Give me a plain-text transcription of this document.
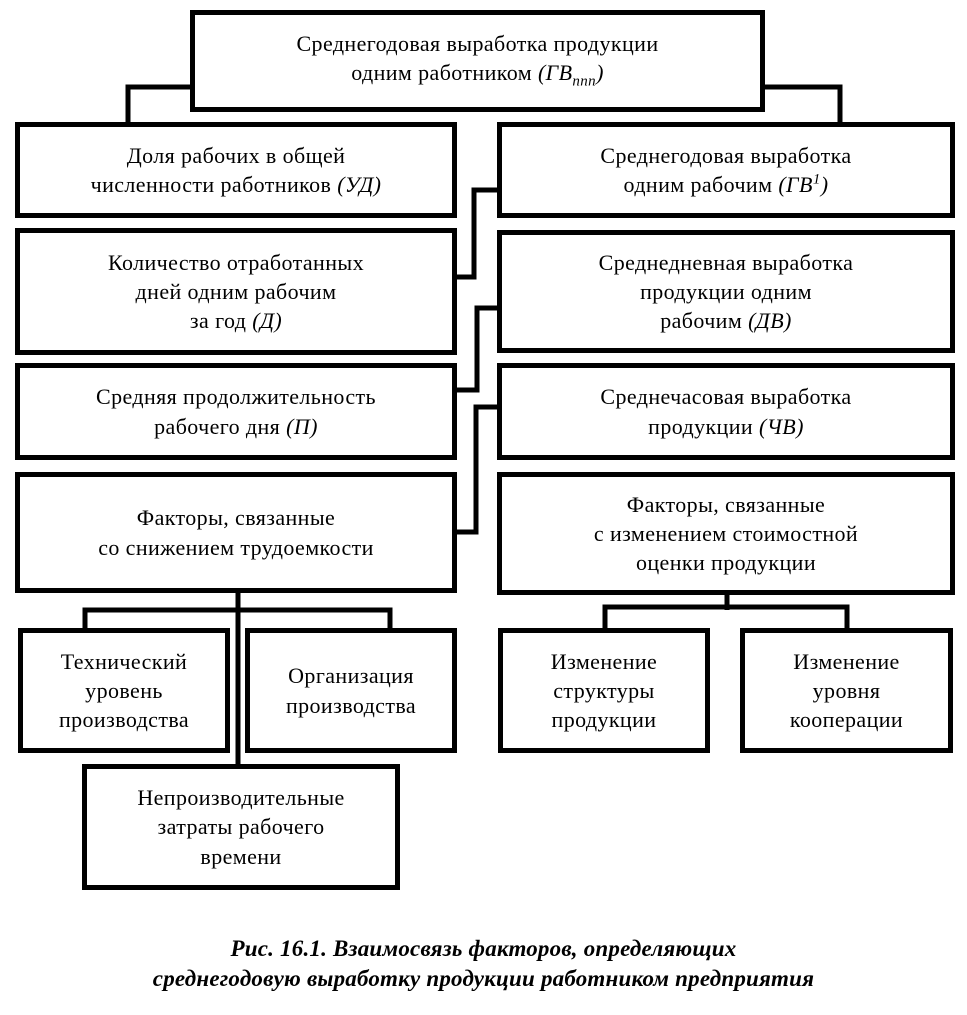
Среднегодовая выработка продукции
одним работником $(ГВ_{ппп})$
Доля рабочих в общей
численности работников (УД)
Количество отработанных
дней одним рабочим
за год (Д)
Средняя продолжительность
рабочего дня (П)
Факторы, связанные
со снижением трудоемкости
Среднегодовая выработка
одним рабочим $(ГВ^1)$
Среднедневная выработка
продукции одним
рабочим (ДВ)
Среднечасовая выработка
продукции (ЧВ)
Факторы, связанные
с изменением стоимостной
оценки продукции
Технический
уровень
производства
Организация
производства
Изменение
структуры
продукции
Изменение
уровня
кооперации
Непроизводительные
затраты рабочего
времени
Рис. 16.1. Взаимосвязь факторов, определяющих
среднегодовую выработку продукции работником предприятия
